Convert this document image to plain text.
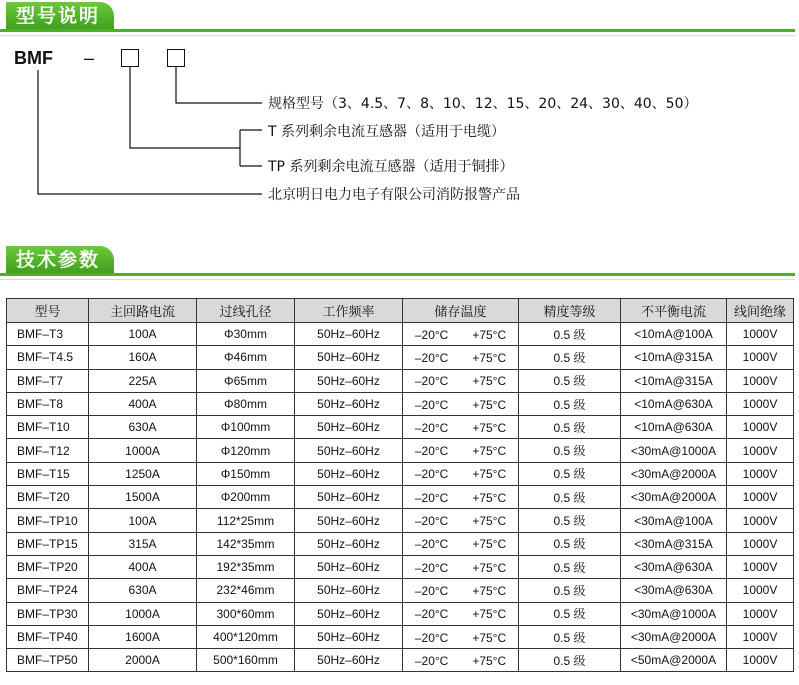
型号说明
BMF –
规格型号（3、4.5、7、8、10、12、15、20、24、30、40、50）
T 系列剩余电流互感器（适用于电缆）
TP 系列剩余电流互感器（适用于铜排）
北京明日电力电子有限公司消防报警产品
技术参数
型号	主回路电流	过线孔径	工作频率	储存温度	精度等级	不平衡电流	线间绝缘
BMF–T3	100A	Φ30mm	50Hz–60Hz	–20°C　　+75°C	0.5 级	<10mA@100A	1000V
BMF–T4.5	160A	Φ46mm	50Hz–60Hz	–20°C　　+75°C	0.5 级	<10mA@315A	1000V
BMF–T7	225A	Φ65mm	50Hz–60Hz	–20°C　　+75°C	0.5 级	<10mA@315A	1000V
BMF–T8	400A	Φ80mm	50Hz–60Hz	–20°C　　+75°C	0.5 级	<10mA@630A	1000V
BMF–T10	630A	Φ100mm	50Hz–60Hz	–20°C　　+75°C	0.5 级	<10mA@630A	1000V
BMF–T12	1000A	Φ120mm	50Hz–60Hz	–20°C　　+75°C	0.5 级	<30mA@1000A	1000V
BMF–T15	1250A	Φ150mm	50Hz–60Hz	–20°C　　+75°C	0.5 级	<30mA@2000A	1000V
BMF–T20	1500A	Φ200mm	50Hz–60Hz	–20°C　　+75°C	0.5 级	<30mA@2000A	1000V
BMF–TP10	100A	112*25mm	50Hz–60Hz	–20°C　　+75°C	0.5 级	<30mA@100A	1000V
BMF–TP15	315A	142*35mm	50Hz–60Hz	–20°C　　+75°C	0.5 级	<30mA@315A	1000V
BMF–TP20	400A	192*35mm	50Hz–60Hz	–20°C　　+75°C	0.5 级	<30mA@630A	1000V
BMF–TP24	630A	232*46mm	50Hz–60Hz	–20°C　　+75°C	0.5 级	<30mA@630A	1000V
BMF–TP30	1000A	300*60mm	50Hz–60Hz	–20°C　　+75°C	0.5 级	<30mA@1000A	1000V
BMF–TP40	1600A	400*120mm	50Hz–60Hz	–20°C　　+75°C	0.5 级	<30mA@2000A	1000V
BMF–TP50	2000A	500*160mm	50Hz–60Hz	–20°C　　+75°C	0.5 级	<50mA@2000A	1000V
